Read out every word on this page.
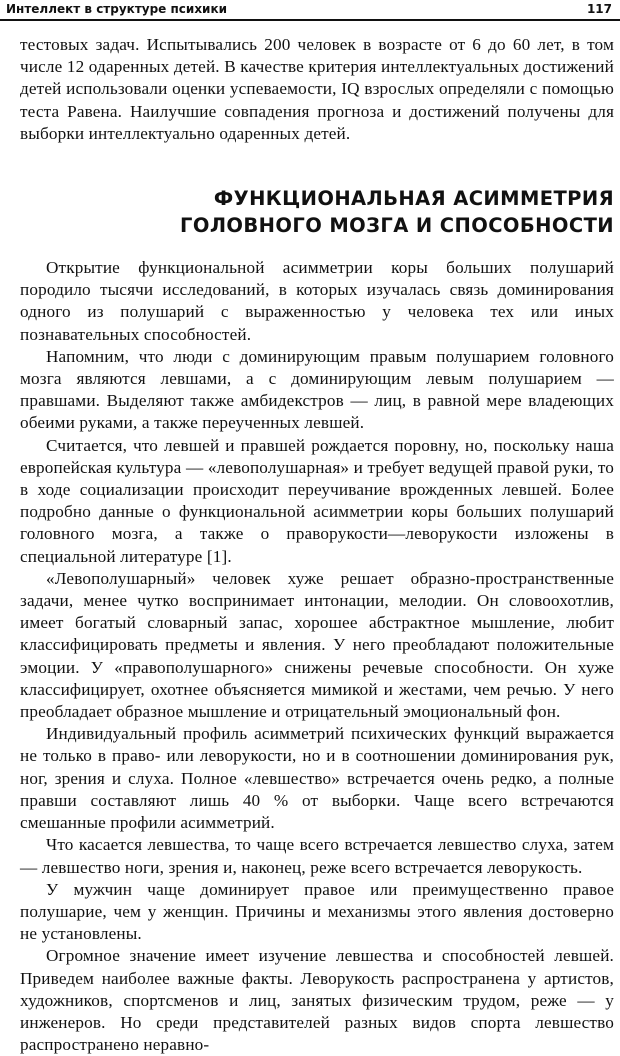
Интеллект в структуре психики	117

тестовых задач. Испытывались 200 человек в возрасте от 6 до 60 лет, в том числе 12 одаренных детей. В качестве критерия интеллектуальных достижений детей использовали оценки успеваемости, IQ взрослых определяли с помощью теста Равена. Наилучшие совпадения прогноза и достижений получены для выборки интеллектуально одаренных детей.

ФУНКЦИОНАЛЬНАЯ АСИММЕТРИЯ
ГОЛОВНОГО МОЗГА И СПОСОБНОСТИ

Открытие функциональной асимметрии коры больших полушарий породило тысячи исследований, в которых изучалась связь доминирования одного из полушарий с выраженностью у человека тех или иных познавательных способностей.

Напомним, что люди с доминирующим правым полушарием головного мозга являются левшами, а с доминирующим левым полушарием — правшами. Выделяют также амбидекстров — лиц, в равной мере владеющих обеими руками, а также переученных левшей.

Считается, что левшей и правшей рождается поровну, но, поскольку наша европейская культура — «левополушарная» и требует ведущей правой руки, то в ходе социализации происходит переучивание врожденных левшей. Более подробно данные о функциональной асимметрии коры больших полушарий головного мозга, а также о праворукости—леворукости изложены в специальной литературе [1].

«Левополушарный» человек хуже решает образно-пространственные задачи, менее чутко воспринимает интонации, мелодии. Он словоохотлив, имеет богатый словарный запас, хорошее абстрактное мышление, любит классифицировать предметы и явления. У него преобладают положительные эмоции. У «правополушарного» снижены речевые способности. Он хуже классифицирует, охотнее объясняется мимикой и жестами, чем речью. У него преобладает образное мышление и отрицательный эмоциональный фон.

Индивидуальный профиль асимметрий психических функций выражается не только в право- или леворукости, но и в соотношении доминирования рук, ног, зрения и слуха. Полное «левшество» встречается очень редко, а полные правши составляют лишь 40 % от выборки. Чаще всего встречаются смешанные профили асимметрий.

Что касается левшества, то чаще всего встречается левшество слуха, затем — левшество ноги, зрения и, наконец, реже всего встречается леворукость.

У мужчин чаще доминирует правое или преимущественно правое полушарие, чем у женщин. Причины и механизмы этого явления достоверно не установлены.

Огромное значение имеет изучение левшества и способностей левшей. Приведем наиболее важные факты. Леворукость распространена у артистов, художников, спортсменов и лиц, занятых физическим трудом, реже — у инженеров. Но среди представителей разных видов спорта левшество распространено неравно-
